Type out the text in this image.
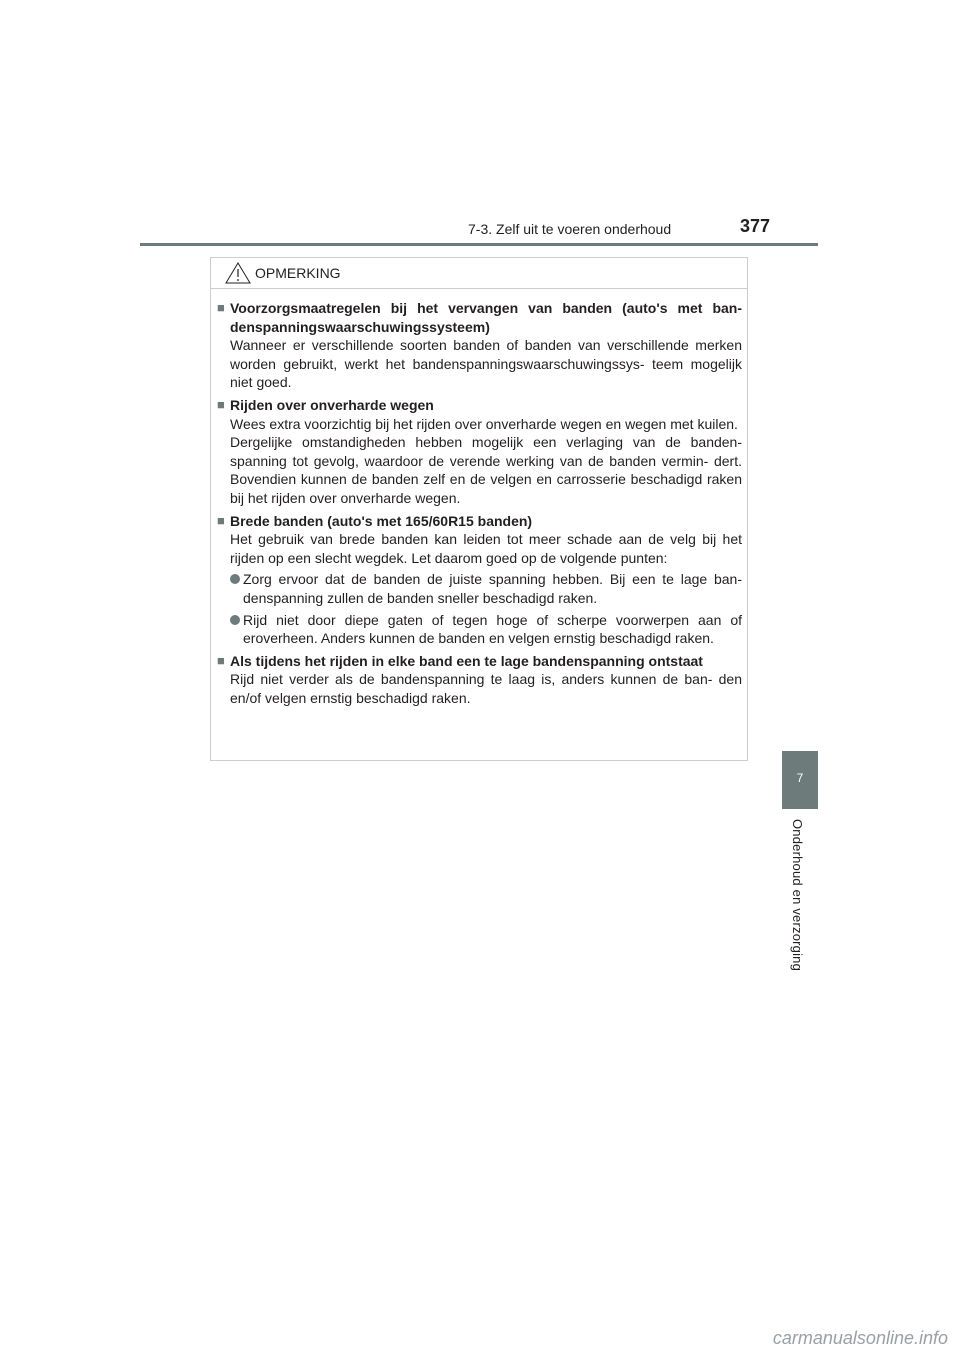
7-3. Zelf uit te voeren onderhoud	377
7
Onderhoud en verzorging
OPMERKING
■ Voorzorgsmaatregelen bij het vervangen van banden (auto's met ban- denspanningswaarschuwingssysteem)

Wanneer er verschillende soorten banden of banden van verschillende merken worden gebruikt, werkt het bandenspanningswaarschuwingssys- teem mogelijk niet goed.

■ Rijden over onverharde wegen

Wees extra voorzichtig bij het rijden over onverharde wegen en wegen met kuilen.

Dergelijke omstandigheden hebben mogelijk een verlaging van de banden- spanning tot gevolg, waardoor de verende werking van de banden vermin- dert. Bovendien kunnen de banden zelf en de velgen en carrosserie beschadigd raken bij het rijden over onverharde wegen.

■ Brede banden (auto's met 165/60R15 banden)

Het gebruik van brede banden kan leiden tot meer schade aan de velg bij het rijden op een slecht wegdek. Let daarom goed op de volgende punten:

Zorg ervoor dat de banden de juiste spanning hebben. Bij een te lage ban- denspanning zullen de banden sneller beschadigd raken.
Rijd niet door diepe gaten of tegen hoge of scherpe voorwerpen aan of eroverheen. Anders kunnen de banden en velgen ernstig beschadigd raken.
■ Als tijdens het rijden in elke band een te lage bandenspanning ontstaat

Rijd niet verder als de bandenspanning te laag is, anders kunnen de ban- den en/of velgen ernstig beschadigd raken.

carmanualsonline.info
